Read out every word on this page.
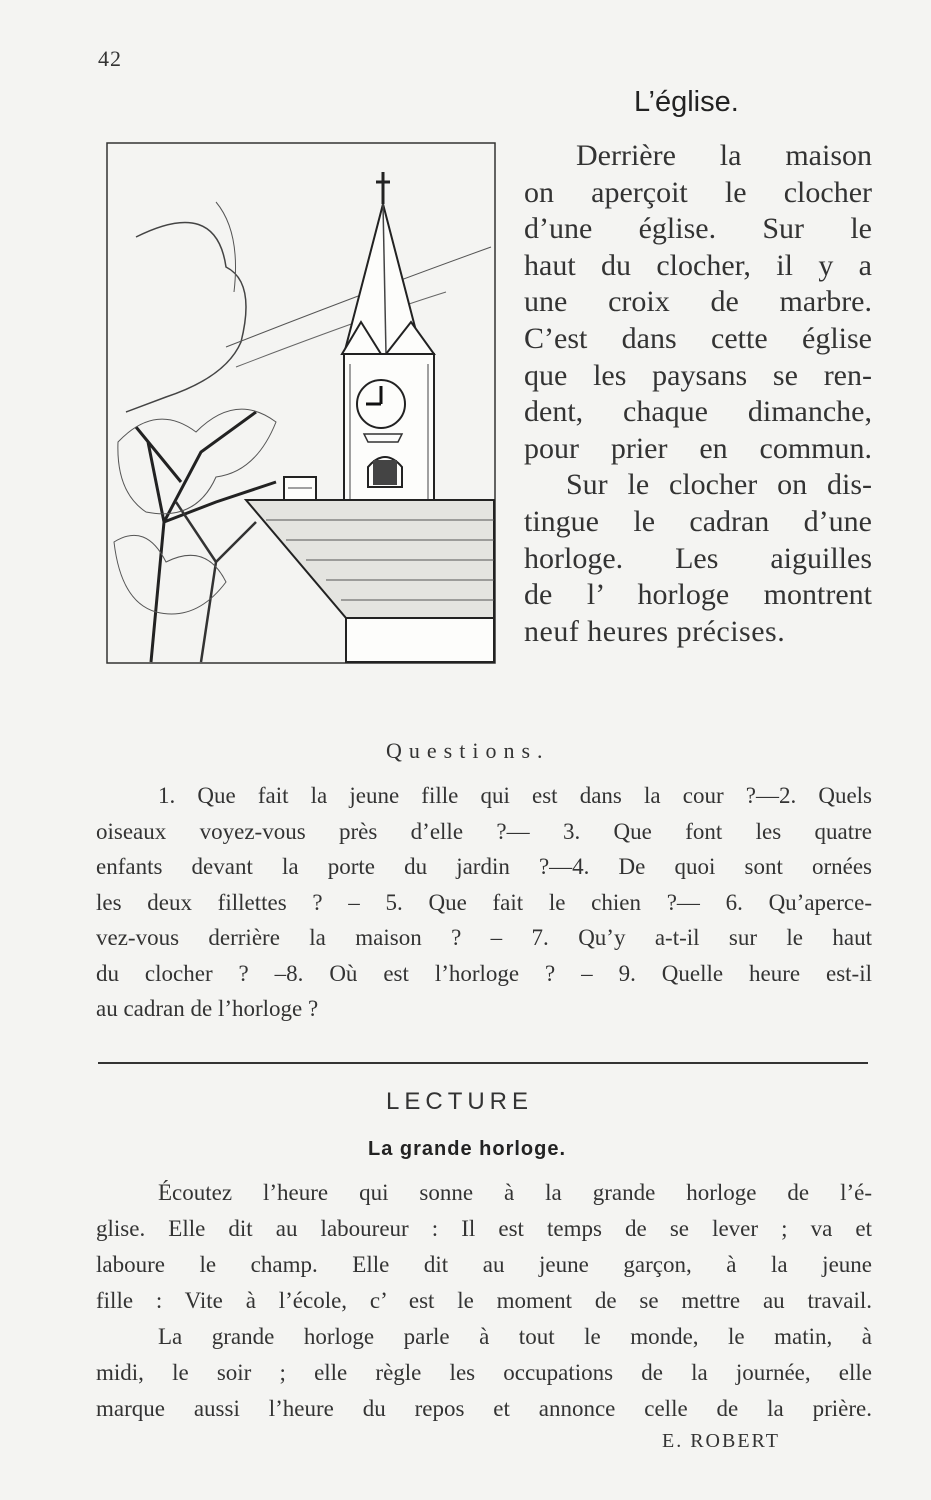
42
L’église.
Derrière la maison
on aperçoit le clocher
d’une église. Sur le
haut du clocher, il y a
une croix de marbre.
C’est dans cette église
que les paysans se ren-
dent, chaque dimanche,
pour prier en commun.
Sur le clocher on dis-
tingue le cadran d’une
horloge. Les aiguilles
de l’ horloge montrent
neuf heures précises.
Questions.
1. Que fait la jeune fille qui est dans la cour ?—2. Quels
oiseaux voyez-vous près d’elle ?— 3. Que font les quatre
enfants devant la porte du jardin ?—4. De quoi sont ornées
les deux fillettes ? – 5. Que fait le chien ?— 6. Qu’aperce-
vez-vous derrière la maison ? – 7. Qu’y a-t-il sur le haut
du clocher ? –8. Où est l’horloge ? – 9. Quelle heure est-il
au cadran de l’horloge ?
LECTURE
La grande horloge.
Écoutez l’heure qui sonne à la grande horloge de l’é-
glise. Elle dit au laboureur : Il est temps de se lever ; va et
laboure le champ. Elle dit au jeune garçon, à la jeune
fille : Vite à l’école, c’ est le moment de se mettre au travail.
La grande horloge parle à tout le monde, le matin, à
midi, le soir ; elle règle les occupations de la journée, elle
marque aussi l’heure du repos et annonce celle de la prière.
E. ROBERT
